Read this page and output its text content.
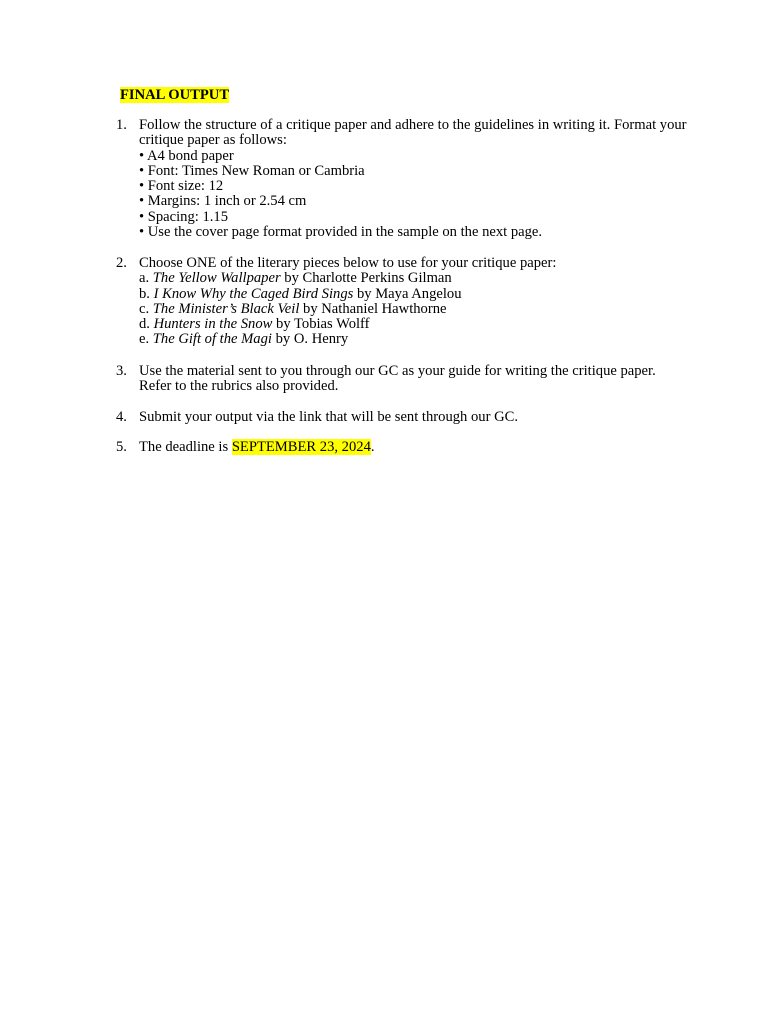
FINAL OUTPUT
1. Follow the structure of a critique paper and adhere to the guidelines in writing it. Format your
critique paper as follows:
• A4 bond paper
• Font: Times New Roman or Cambria
• Font size: 12
• Margins: 1 inch or 2.54 cm
• Spacing: 1.15
• Use the cover page format provided in the sample on the next page.
2. Choose ONE of the literary pieces below to use for your critique paper:
a. The Yellow Wallpaper by Charlotte Perkins Gilman
b. I Know Why the Caged Bird Sings by Maya Angelou
c. The Minister’s Black Veil by Nathaniel Hawthorne
d. Hunters in the Snow by Tobias Wolff
e. The Gift of the Magi by O. Henry
3. Use the material sent to you through our GC as your guide for writing the critique paper.
Refer to the rubrics also provided.
4. Submit your output via the link that will be sent through our GC.
5. The deadline is SEPTEMBER 23, 2024.
